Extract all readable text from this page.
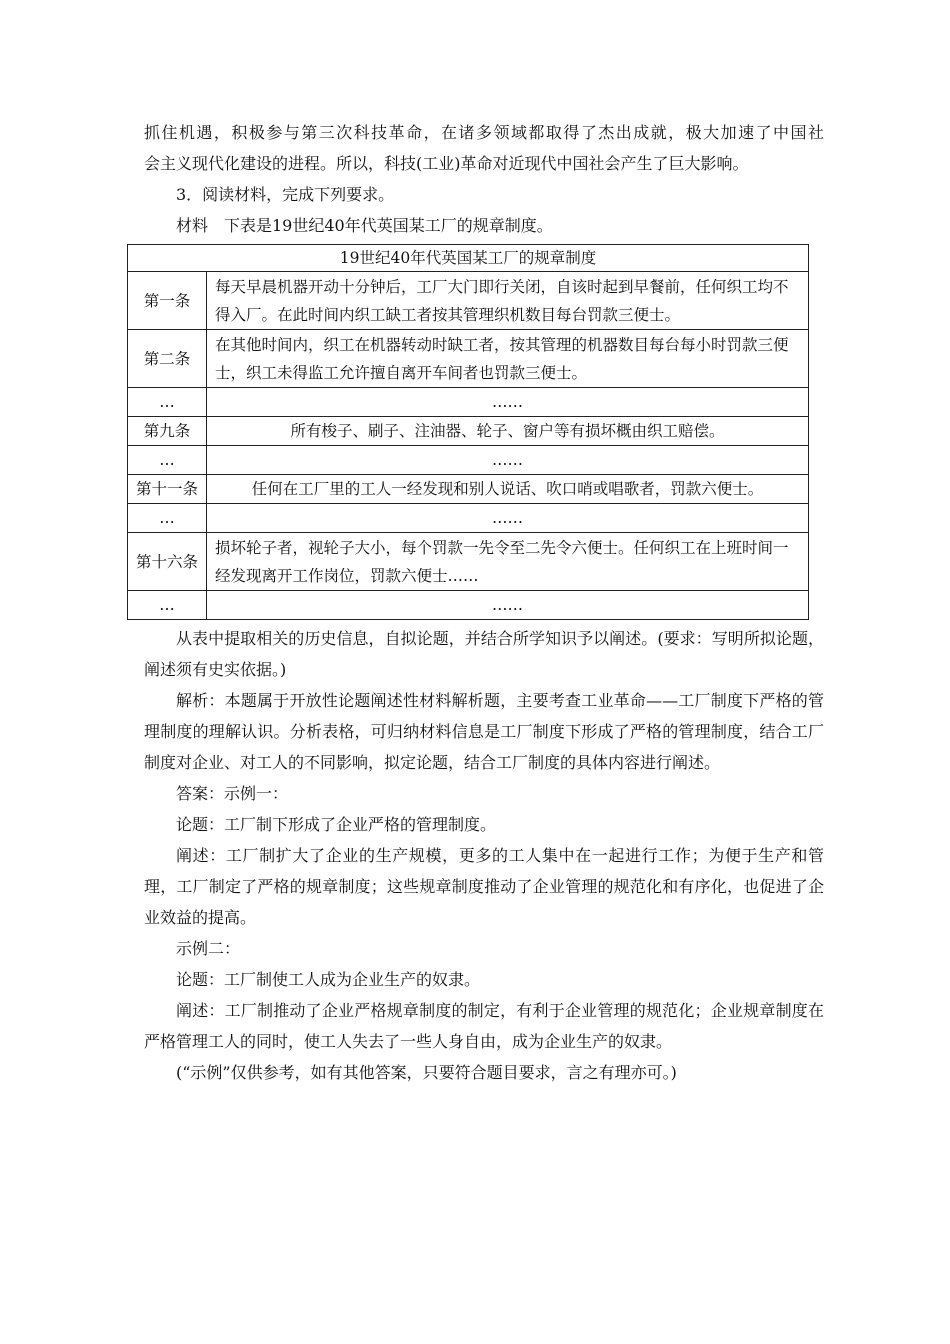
抓住机遇，积极参与第三次科技革命，在诸多领域都取得了杰出成就，极大加速了中国社

会主义现代化建设的进程。所以，科技(工业)革命对近现代中国社会产生了巨大影响。

3．阅读材料，完成下列要求。

材料　下表是19世纪40年代英国某工厂的规章制度。

19世纪40年代英国某工厂的规章制度	
第一条	每天早晨机器开动十分钟后，工厂大门即行关闭，自该时起到早餐前，任何织工均不得入厂。在此时间内织工缺工者按其管理织机数目每台罚款三便士。
第二条	在其他时间内，织工在机器转动时缺工者，按其管理的机器数目每台每小时罚款三便士，织工未得监工允许擅自离开车间者也罚款三便士。
…	……
第九条	所有梭子、刷子、注油器、轮子、窗户等有损坏概由织工赔偿。
…	……
第十一条	任何在工厂里的工人一经发现和别人说话、吹口哨或唱歌者，罚款六便士。
…	……
第十六条	损坏轮子者，视轮子大小，每个罚款一先令至二先令六便士。任何织工在上班时间一经发现离开工作岗位，罚款六便士……
…	……

从表中提取相关的历史信息，自拟论题，并结合所学知识予以阐述。(要求：写明所拟论题，阐述须有史实依据。)

解析：本题属于开放性论题阐述性材料解析题，主要考查工业革命——工厂制度下严格的管理制度的理解认识。分析表格，可归纳材料信息是工厂制度下形成了严格的管理制度，结合工厂制度对企业、对工人的不同影响，拟定论题，结合工厂制度的具体内容进行阐述。

答案：示例一：

论题：工厂制下形成了企业严格的管理制度。

阐述：工厂制扩大了企业的生产规模，更多的工人集中在一起进行工作；为便于生产和管理，工厂制定了严格的规章制度；这些规章制度推动了企业管理的规范化和有序化，也促进了企业效益的提高。

示例二：

论题：工厂制使工人成为企业生产的奴隶。

阐述：工厂制推动了企业严格规章制度的制定，有利于企业管理的规范化；企业规章制度在严格管理工人的同时，使工人失去了一些人身自由，成为企业生产的奴隶。

(“示例”仅供参考，如有其他答案，只要符合题目要求，言之有理亦可。)
